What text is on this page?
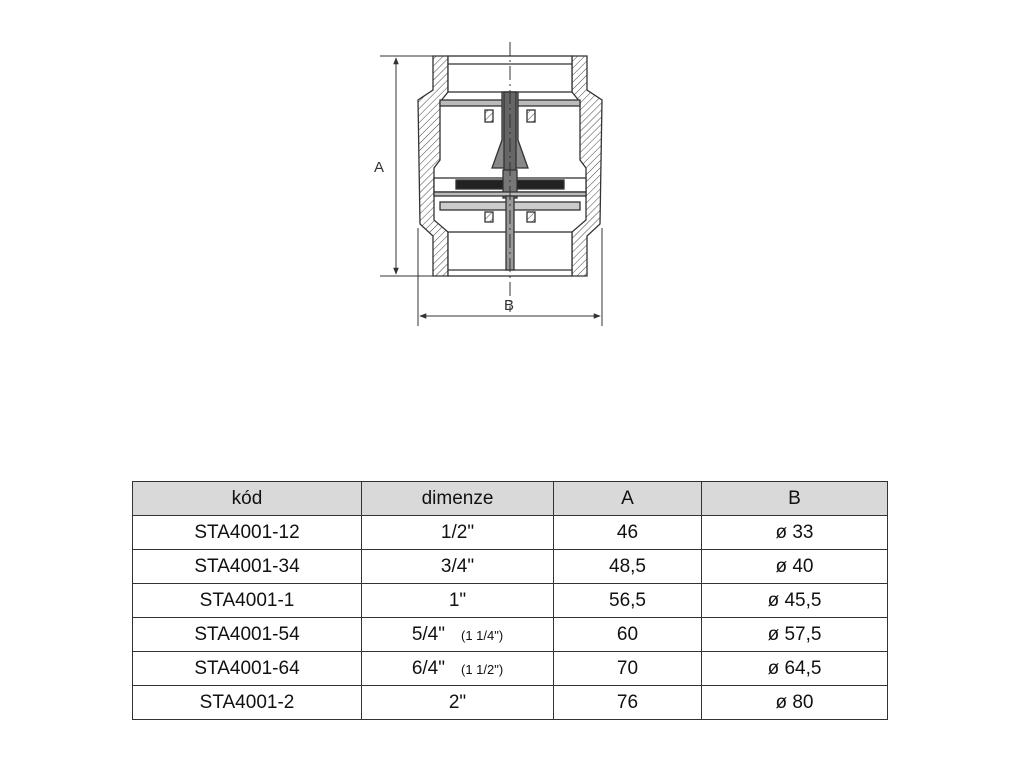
A
B
kód	dimenze	A	B
STA4001-12	1/2"	46	ø 33
STA4001-34	3/4"	48,5	ø 40
STA4001-1	1"	56,5	ø 45,5
STA4001-54	5/4" (1 1/4")	60	ø 57,5
STA4001-64	6/4" (1 1/2")	70	ø 64,5
STA4001-2	2"	76	ø 80
